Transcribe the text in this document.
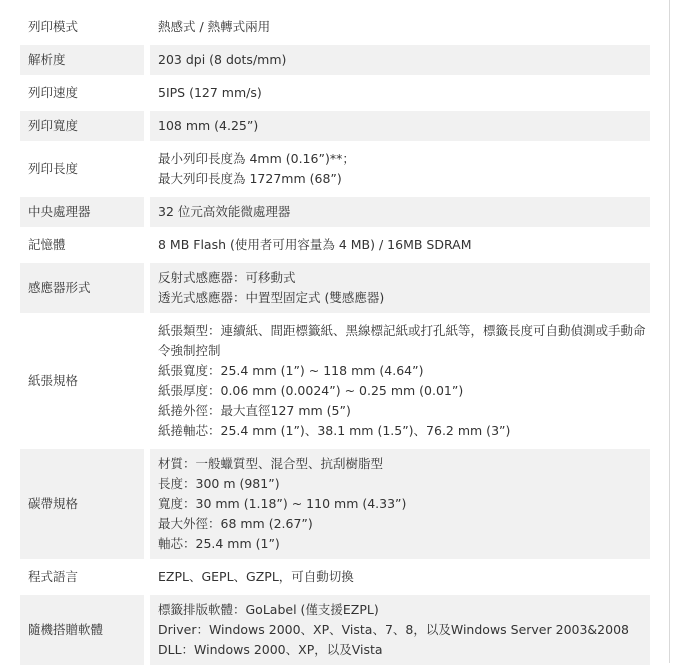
列印模式		熱感式 / 熱轉式兩用

解析度		203 dpi (8 dots/mm)

列印速度		5IPS (127 mm/s)

列印寬度		108 mm (4.25”)

列印長度		最小列印長度為 4mm (0.16”)**；
最大列印長度為 1727mm (68”)

中央處理器		32 位元高效能微處理器

記憶體		8 MB Flash (使用者可用容量為 4 MB) / 16MB SDRAM

感應器形式		反射式感應器：可移動式
透光式感應器：中置型固定式 (雙感應器)

紙張規格		紙張類型：連續紙、間距標籤紙、黑線標記紙或打孔紙等，標籤長度可自動偵測或手動命令強制控制
紙張寬度：25.4 mm (1”) ~ 118 mm (4.64”)
紙張厚度：0.06 mm (0.0024”) ~ 0.25 mm (0.01”)
紙捲外徑：最大直徑127 mm (5”)
紙捲軸芯：25.4 mm (1”)、38.1 mm (1.5”)、76.2 mm (3”)

碳帶規格		材質：一般蠟質型、混合型、抗刮樹脂型
長度：300 m (981”)
寬度：30 mm (1.18”) ~ 110 mm (4.33”)
最大外徑：68 mm (2.67”)
軸芯：25.4 mm (1”)

程式語言		EZPL、GEPL、GZPL，可自動切換

隨機搭贈軟體		標籤排版軟體：GoLabel (僅支援EZPL)
Driver：Windows 2000、XP、Vista、7、8，以及Windows Server 2003&2008
DLL：Windows 2000、XP，以及Vista
